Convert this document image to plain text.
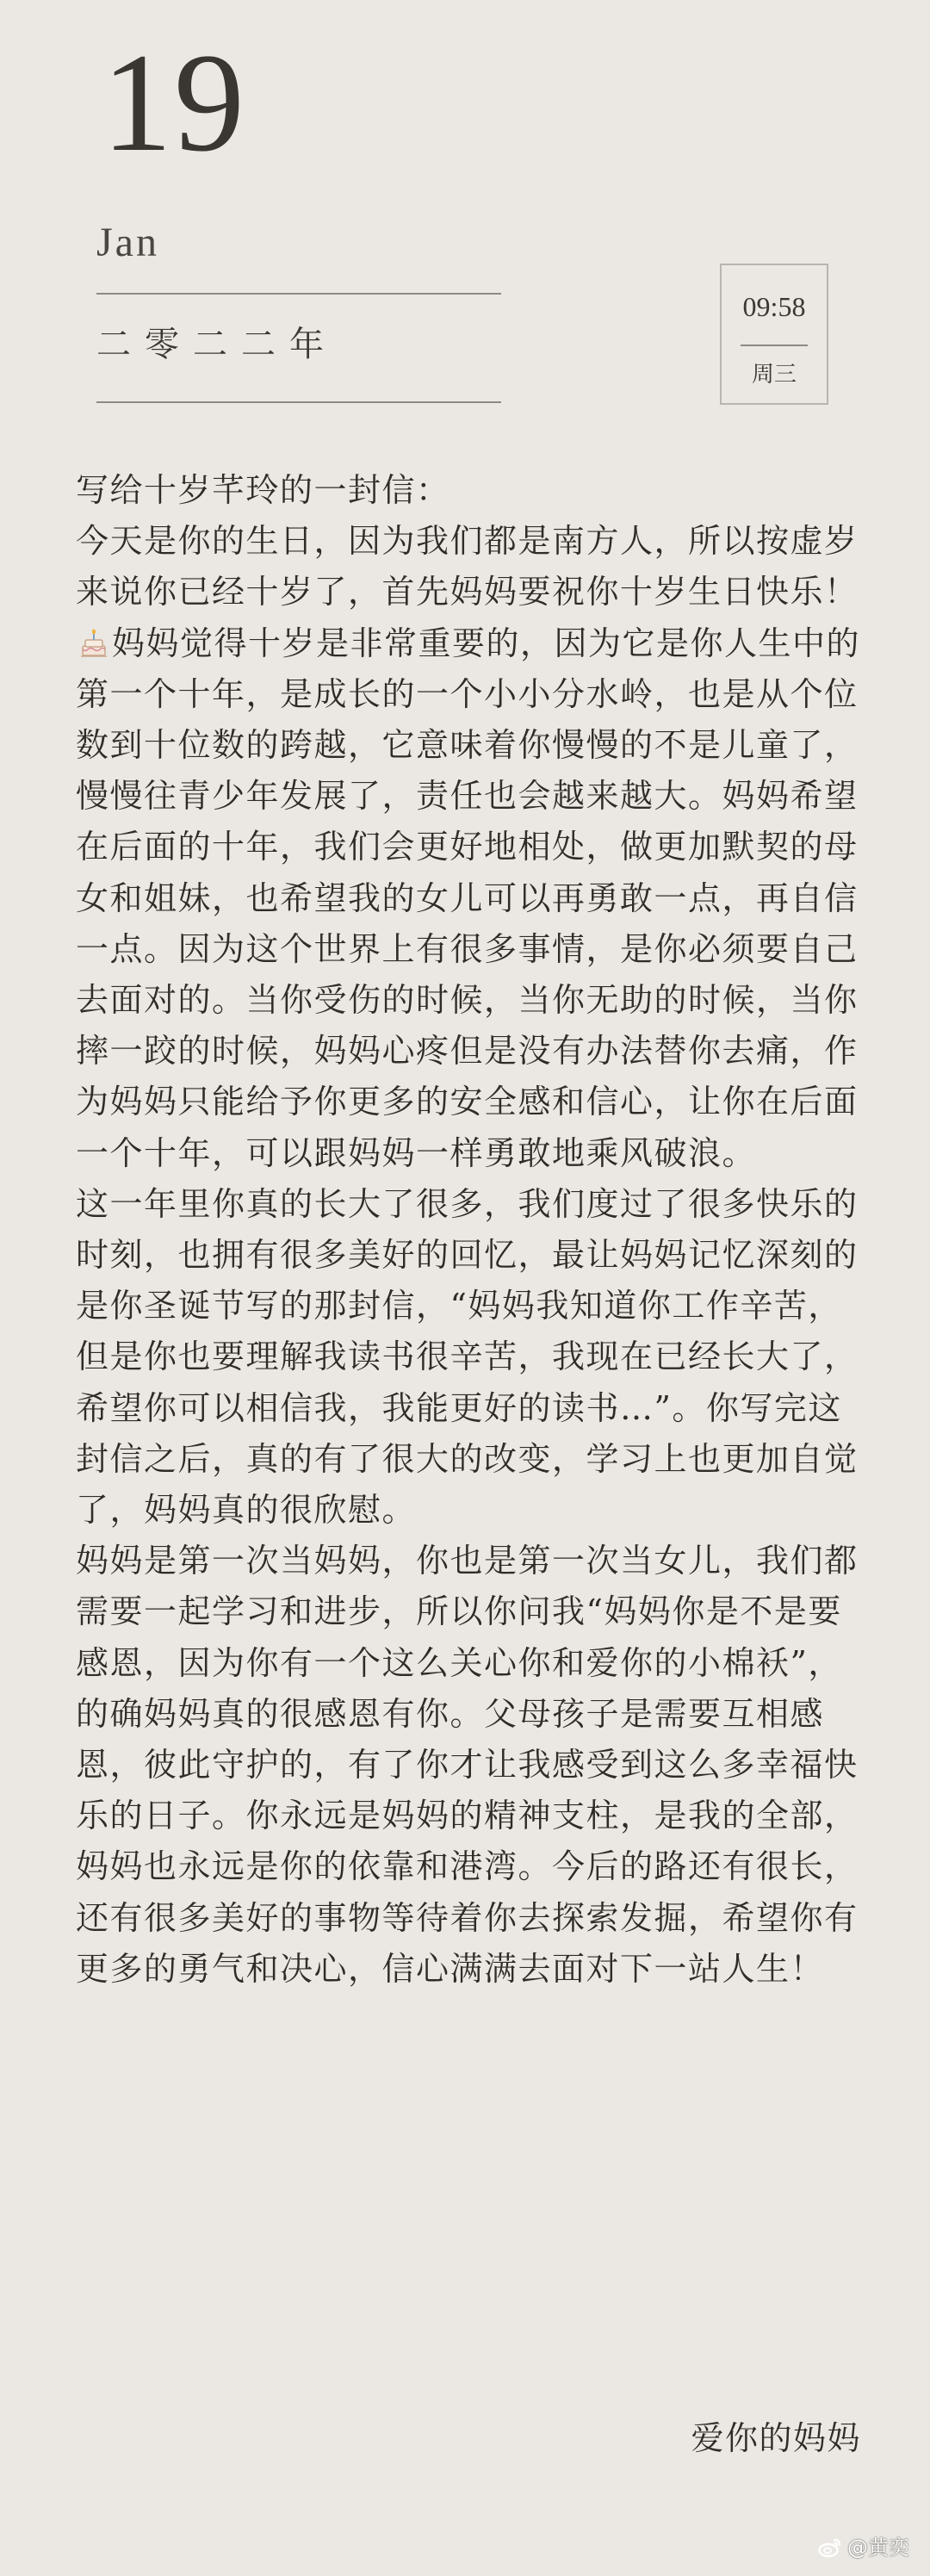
19
Jan
二零二二年
09:58
周三

写给十岁芊玲的一封信：

今天是你的生日，因为我们都是南方人，所以按虚岁来说你已经十岁了，首先妈妈要祝你十岁生日快乐！妈妈觉得十岁是非常重要的，因为它是你人生中的第一个十年，是成长的一个小小分水岭，也是从个位数到十位数的跨越，它意味着你慢慢的不是儿童了，慢慢往青少年发展了，责任也会越来越大。妈妈希望在后面的十年，我们会更好地相处，做更加默契的母女和姐妹，也希望我的女儿可以再勇敢一点，再自信一点。因为这个世界上有很多事情，是你必须要自己去面对的。当你受伤的时候，当你无助的时候，当你摔一跤的时候，妈妈心疼但是没有办法替你去痛，作为妈妈只能给予你更多的安全感和信心，让你在后面一个十年，可以跟妈妈一样勇敢地乘风破浪。

这一年里你真的长大了很多，我们度过了很多快乐的时刻，也拥有很多美好的回忆，最让妈妈记忆深刻的是你圣诞节写的那封信，“妈妈我知道你工作辛苦，但是你也要理解我读书很辛苦，我现在已经长大了，希望你可以相信我，我能更好的读书…”。你写完这封信之后，真的有了很大的改变，学习上也更加自觉了，妈妈真的很欣慰。

妈妈是第一次当妈妈，你也是第一次当女儿，我们都需要一起学习和进步，所以你问我“妈妈你是不是要感恩，因为你有一个这么关心你和爱你的小棉袄”，的确妈妈真的很感恩有你。父母孩子是需要互相感恩，彼此守护的，有了你才让我感受到这么多幸福快乐的日子。你永远是妈妈的精神支柱，是我的全部，妈妈也永远是你的依靠和港湾。今后的路还有很长，还有很多美好的事物等待着你去探索发掘，希望你有更多的勇气和决心，信心满满去面对下一站人生！

爱你的妈妈
@黄奕
